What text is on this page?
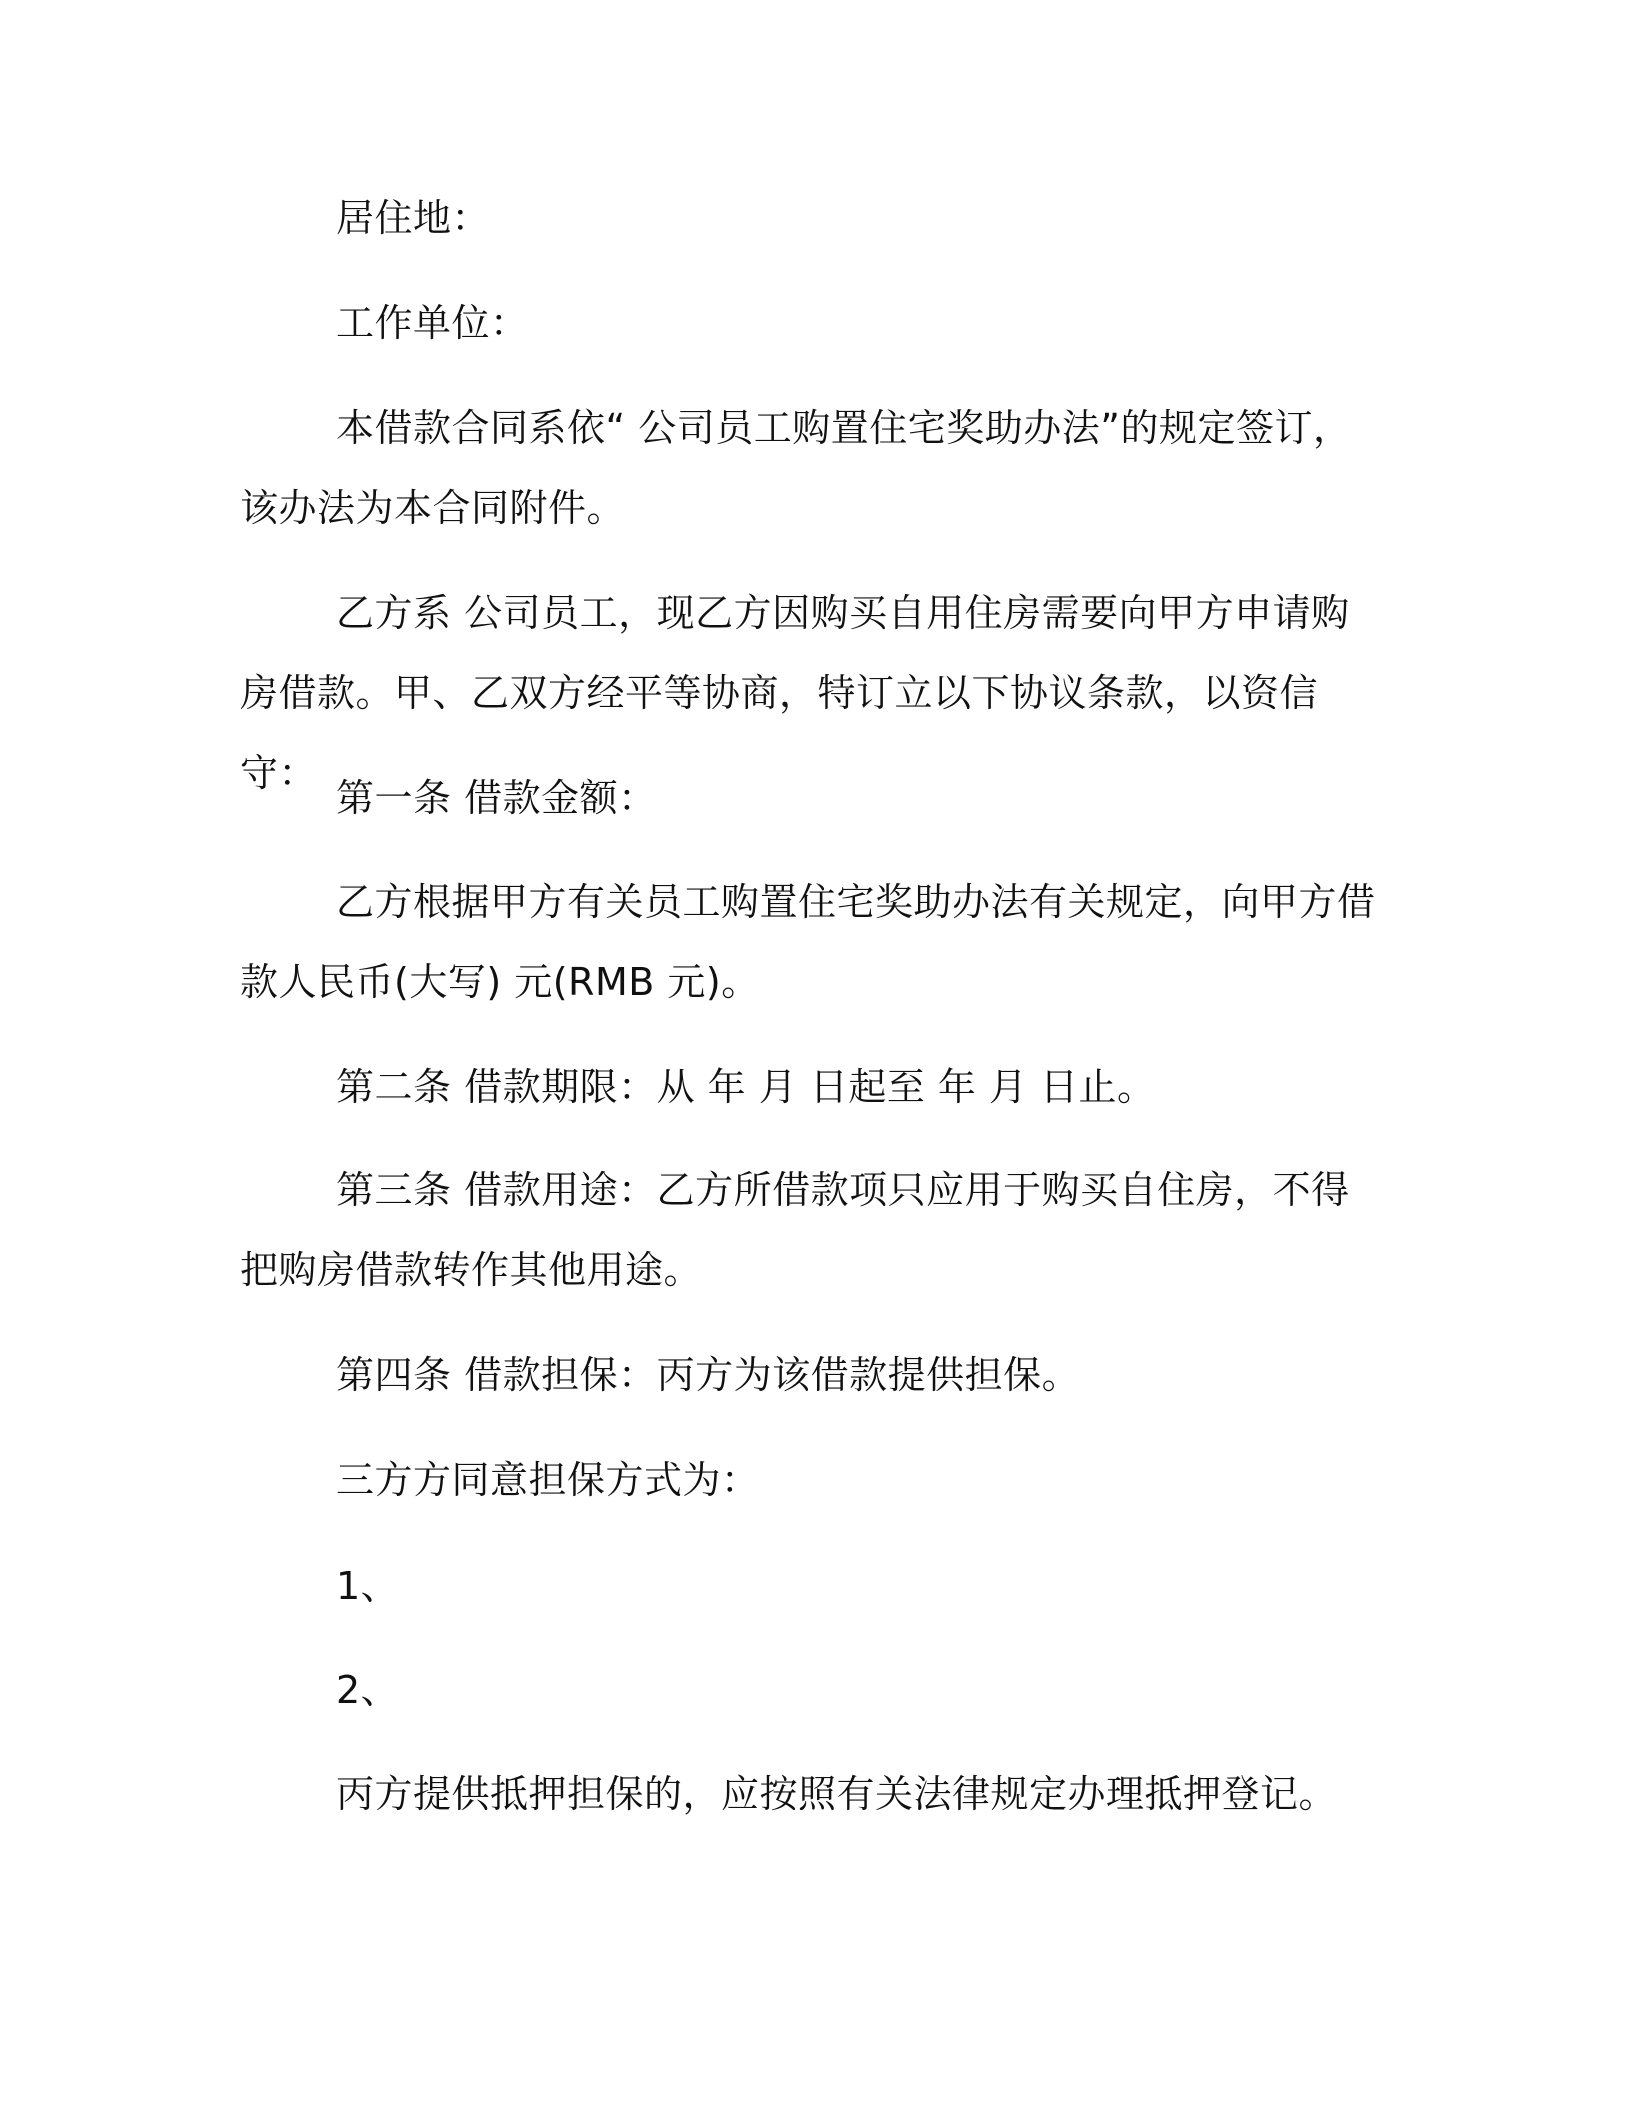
居住地：
工作单位：
本借款合同系依“ 公司员工购置住宅奖助办法”的规定签订，该办法为本合同附件。
乙方系 公司员工，现乙方因购买自用住房需要向甲方申请购房借款。甲、乙双方经平等协商，特订立以下协议条款，以资信守：
第一条 借款金额：
乙方根据甲方有关员工购置住宅奖助办法有关规定，向甲方借款人民币(大写) 元(RMB 元)。
第二条 借款期限：从 年 月 日起至 年 月 日止。
第三条 借款用途：乙方所借款项只应用于购买自住房，不得把购房借款转作其他用途。
第四条 借款担保：丙方为该借款提供担保。
三方方同意担保方式为：
1、
2、
丙方提供抵押担保的，应按照有关法律规定办理抵押登记。
